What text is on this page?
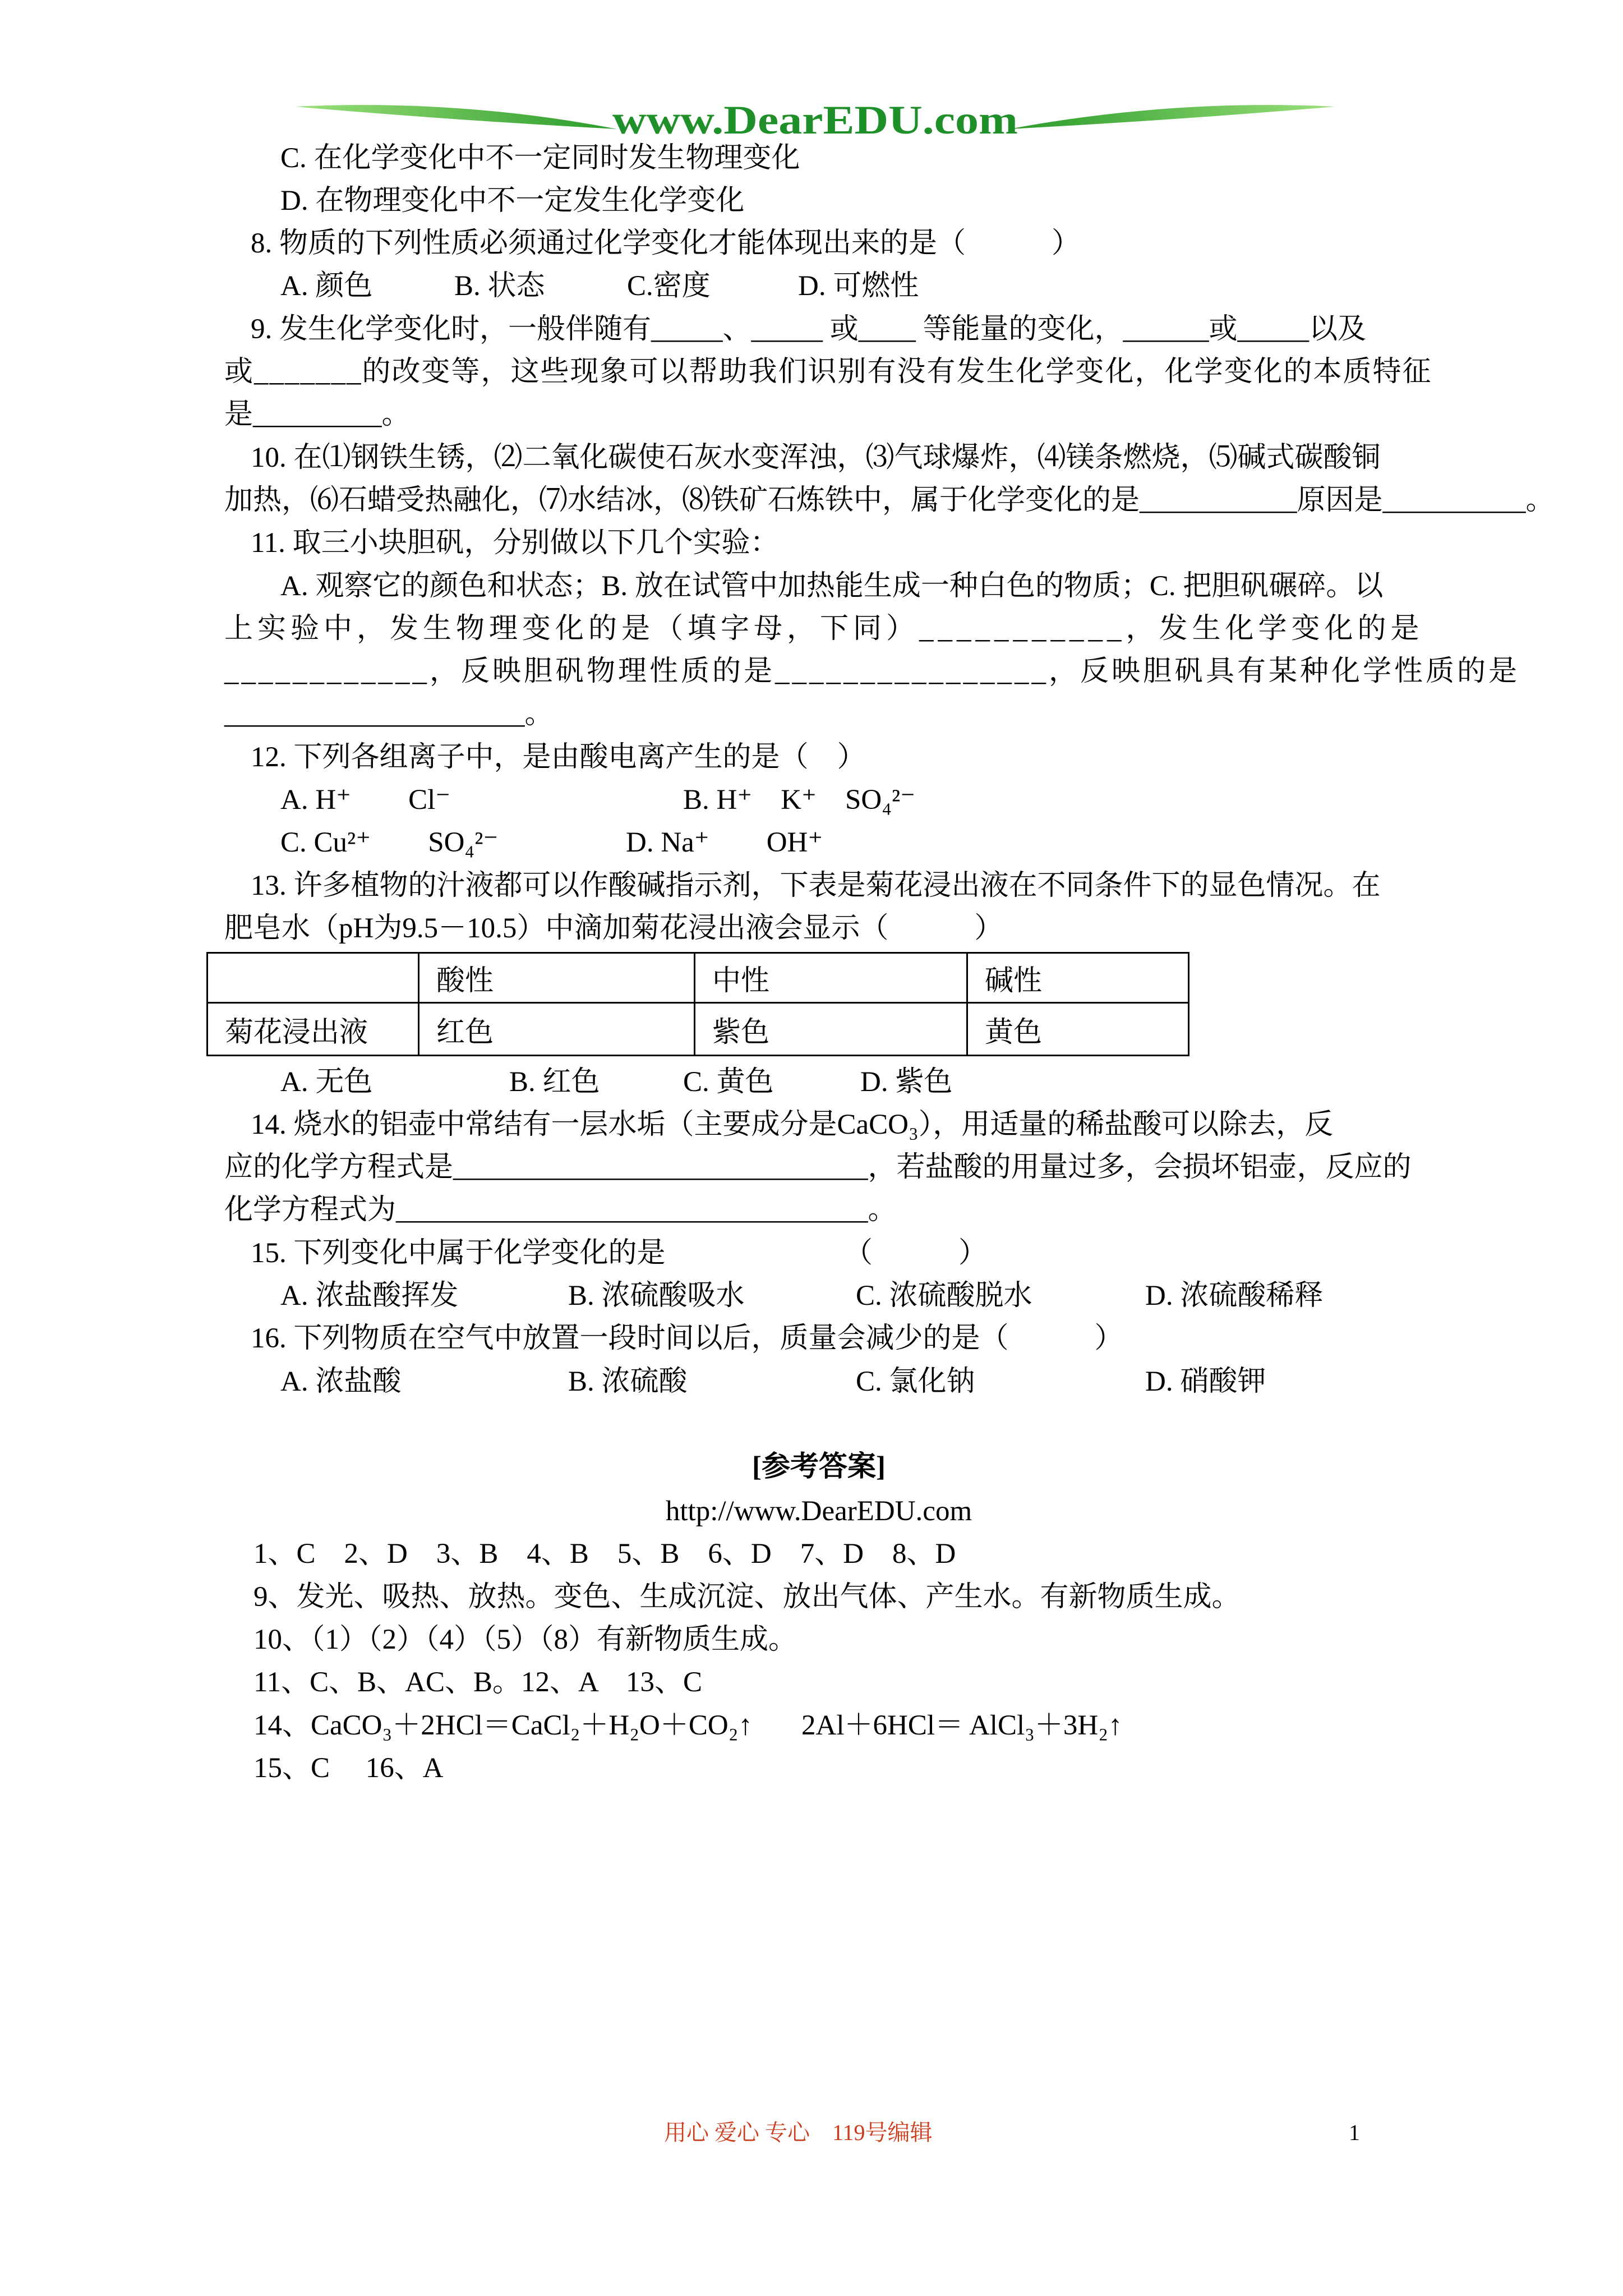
www.DearEDU.com
C. 在化学变化中不一定同时发生物理变化
D. 在物理变化中不一定发生化学变化
8. 物质的下列性质必须通过化学变化才能体现出来的是（　　　）
A. 颜色	B. 状态	C.密度	D. 可燃性
9. 发生化学变化时，一般伴随有_____、_____ 或____ 等能量的变化，______或_____以及
或_______的改变等，这些现象可以帮助我们识别有没有发生化学变化，化学变化的本质特征
是_________。
10. 在⑴钢铁生锈，⑵二氧化碳使石灰水变浑浊，⑶气球爆炸，⑷镁条燃烧，⑸碱式碳酸铜
加热，⑹石蜡受热融化，⑺水结冰，⑻铁矿石炼铁中，属于化学变化的是___________原因是__________。
11. 取三小块胆矾，分别做以下几个实验：
A. 观察它的颜色和状态；B. 放在试管中加热能生成一种白色的物质；C. 把胆矾碾碎。以
上实验中，发生物理变化的是（填字母，下同）___________，发生化学变化的是
____________，反映胆矾物理性质的是________________，反映胆矾具有某种化学性质的是
_____________________。
12. 下列各组离子中，是由酸电离产生的是（　）
A. H⁺　　Cl⁻	B. H⁺　K⁺　SO₄²⁻
C. Cu²⁺　　SO₄²⁻	D. Na⁺　　OH⁺
13. 许多植物的汁液都可以作酸碱指示剂，下表是菊花浸出液在不同条件下的显色情况。在
肥皂水（pH为9.5－10.5）中滴加菊花浸出液会显示（　　　）
	酸性	中性	碱性
菊花浸出液	红色	紫色	黄色
A. 无色	B. 红色	C. 黄色	D. 紫色
14. 烧水的铝壶中常结有一层水垢（主要成分是CaCO₃），用适量的稀盐酸可以除去，反
应的化学方程式是_____________________________，若盐酸的用量过多，会损坏铝壶，反应的
化学方程式为_________________________________。
15. 下列变化中属于化学变化的是	（　　　）
A. 浓盐酸挥发	B. 浓硫酸吸水	C. 浓硫酸脱水	D. 浓硫酸稀释
16. 下列物质在空气中放置一段时间以后，质量会减少的是（　　　）
A. 浓盐酸	B. 浓硫酸	C. 氯化钠	D. 硝酸钾
[参考答案]
http://www.DearEDU.com
1、C　2、D　3、B　4、B　5、B　6、D　7、D　8、D
9、发光、吸热、放热。变色、生成沉淀、放出气体、产生水。有新物质生成。
10、（1）（2）（4）（5）（8）有新物质生成。
11、C、B、AC、B。12、A　13、C
14、CaCO₃＋2HCl＝CaCl₂＋H₂O＋CO₂↑ 2Al＋6HCl＝ AlCl₃＋3H₂↑
15、C　 16、A
用心 爱心 专心　119号编辑	1
